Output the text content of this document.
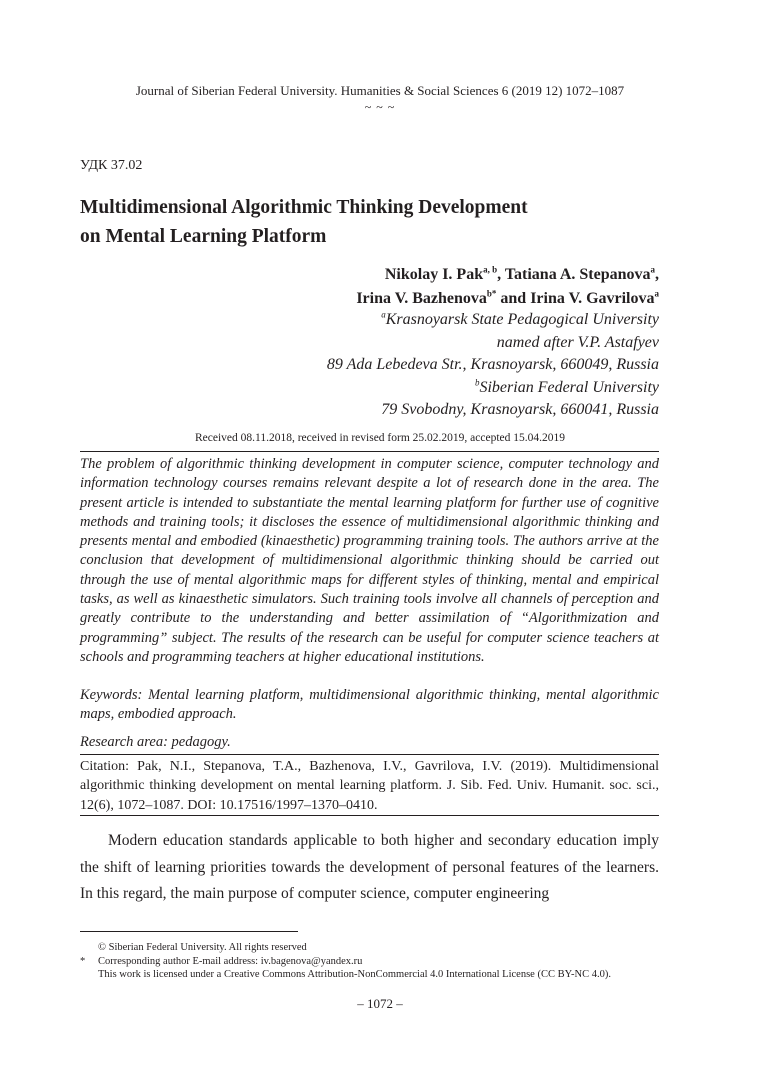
Journal of Siberian Federal University. Humanities & Social Sciences 6 (2019 12) 1072–1087
~ ~ ~
УДК 37.02
Multidimensional Algorithmic Thinking Development
on Mental Learning Platform
Nikolay I. Pak$^{a, b}$, Tatiana A. Stepanova$^a$,
Irina V. Bazhenova$^{b*}$ and Irina V. Gavrilova$^a$
$^a$Krasnoyarsk State Pedagogical University
named after V.P. Astafyev
89 Ada Lebedeva Str., Krasnoyarsk, 660049, Russia
$^b$Siberian Federal University
79 Svobodny, Krasnoyarsk, 660041, Russia
Received 08.11.2018, received in revised form 25.02.2019, accepted 15.04.2019
The problem of algorithmic thinking development in computer science, computer technology and information technology courses remains relevant despite a lot of research done in the area. The present article is intended to substantiate the mental learning platform for further use of cognitive methods and training tools; it discloses the essence of multidimensional algorithmic thinking and presents mental and embodied (kinaesthetic) programming training tools. The authors arrive at the conclusion that development of multidimensional algorithmic thinking should be carried out through the use of mental algorithmic maps for different styles of thinking, mental and empirical tasks, as well as kinaesthetic simulators. Such training tools involve all channels of perception and greatly contribute to the understanding and better assimilation of “Algorithmization and programming” subject. The results of the research can be useful for computer science teachers at schools and programming teachers at higher educational institutions.
Keywords: Mental learning platform, multidimensional algorithmic thinking, mental algorithmic maps, embodied approach.
Research area: pedagogy.
Citation: Pak, N.I., Stepanova, T.A., Bazhenova, I.V., Gavrilova, I.V. (2019). Multidimensional algorithmic thinking development on mental learning platform. J. Sib. Fed. Univ. Humanit. soc. sci., 12(6), 1072–1087. DOI: 10.17516/1997–1370–0410.
Modern education standards applicable to both higher and secondary education imply the shift of learning priorities towards the development of personal features of the learners. In this regard, the main purpose of computer science, computer engineering
© Siberian Federal University. All rights reserved
* Corresponding author E-mail address: iv.bagenova@yandex.ru
This work is licensed under a Creative Commons Attribution-NonCommercial 4.0 International License (CC BY-NC 4.0).
– 1072 –
